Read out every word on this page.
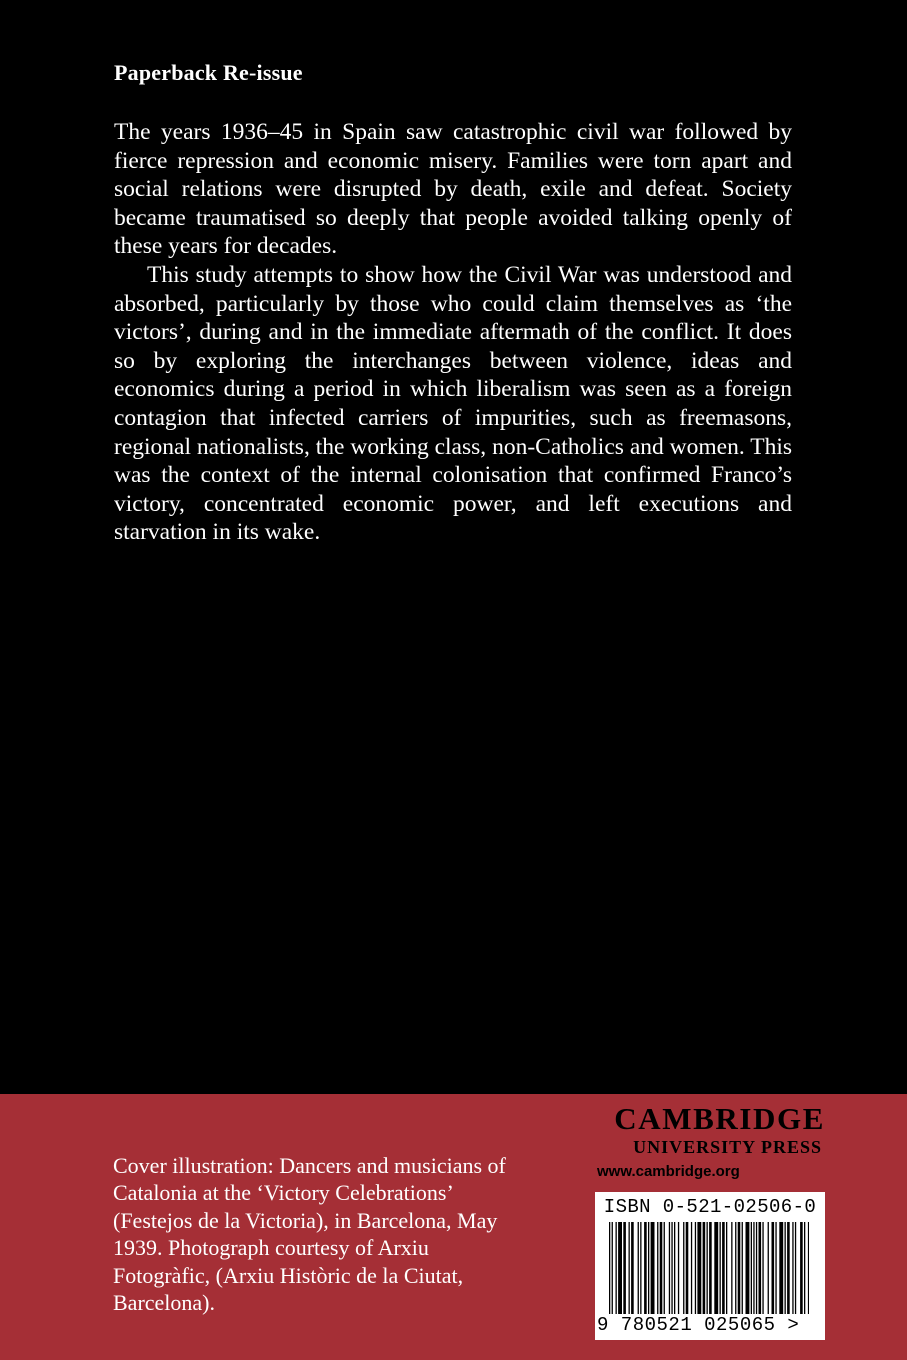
Paperback Re-issue

The years 1936–45 in Spain saw catastrophic civil war followed by fierce repression and economic misery. Families were torn apart and social relations were disrupted by death, exile and defeat. Society became traumatised so deeply that people avoided talking openly of these years for decades.

This study attempts to show how the Civil War was understood and absorbed, particularly by those who could claim themselves as ‘the victors’, during and in the immediate aftermath of the conflict. It does so by exploring the interchanges between violence, ideas and economics during a period in which liberalism was seen as a foreign contagion that infected carriers of impurities, such as freemasons, regional nationalists, the working class, non-Catholics and women. This was the context of the internal colonisation that confirmed Franco’s victory, concentrated economic power, and left executions and starvation in its wake.

Cover illustration: Dancers and musicians of Catalonia at the ‘Victory Celebrations’ (Festejos de la Victoria), in Barcelona, May 1939. Photograph courtesy of Arxiu Fotogràfic, (Arxiu Històric de la Ciutat, Barcelona).
CAMBRIDGE
UNIVERSITY PRESS
www.cambridge.org
ISBN 0-521-02506-0
9 780521 025065 >
